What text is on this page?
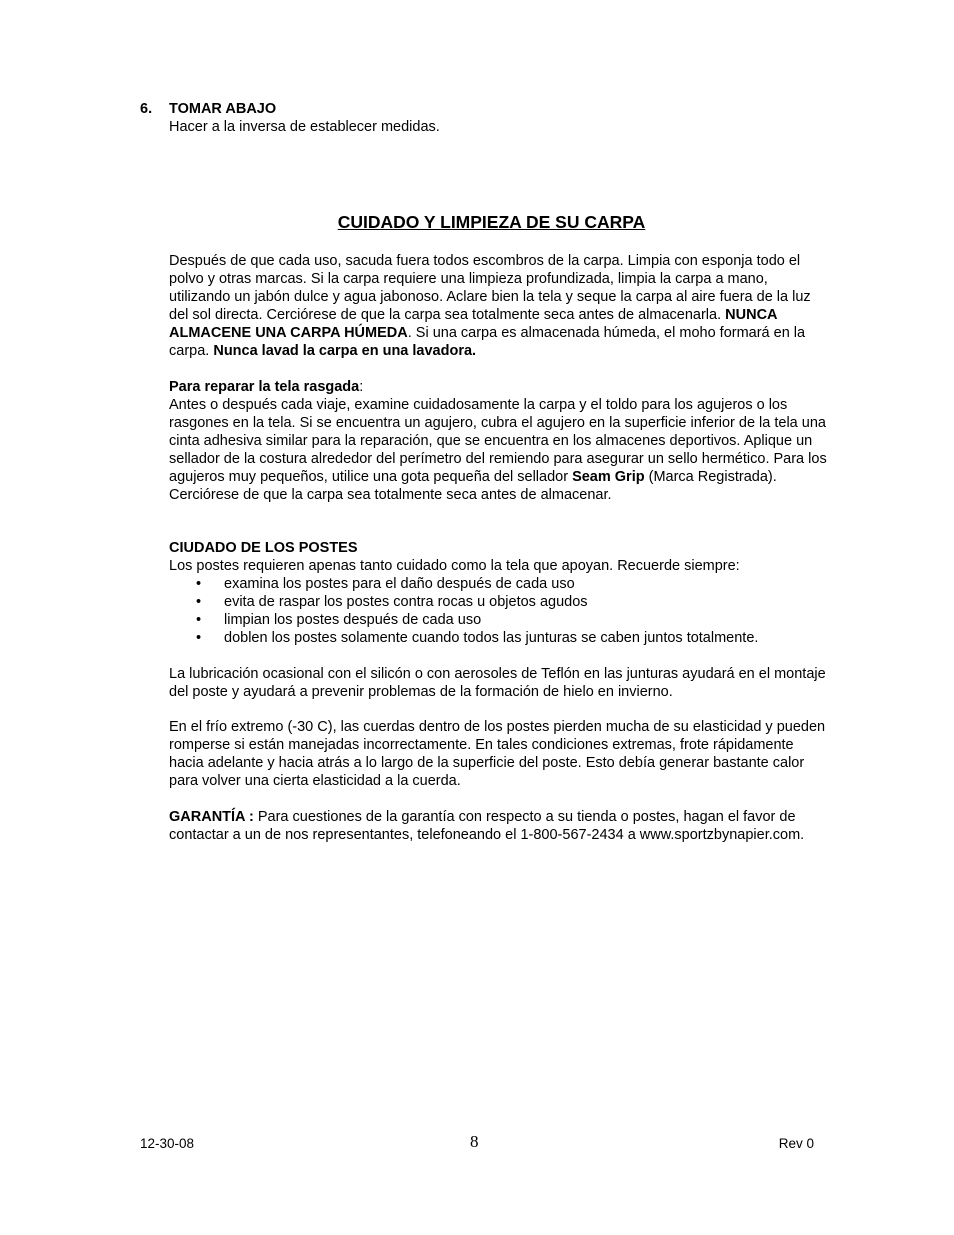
6. TOMAR ABAJO
Hacer a la inversa de establecer medidas.
CUIDADO Y LIMPIEZA DE SU CARPA
Después de que cada uso, sacuda fuera todos escombros de la carpa. Limpia con esponja todo el polvo y otras marcas. Si la carpa requiere una limpieza profundizada, limpia la carpa a mano, utilizando un jabón dulce y agua jabonoso. Aclare bien la tela y seque la carpa al aire fuera de la luz del sol directa. Cerciórese de que la carpa sea totalmente seca antes de almacenarla. NUNCA ALMACENE UNA CARPA HÚMEDA. Si una carpa es almacenada húmeda, el moho formará en la carpa. Nunca lavad la carpa en una lavadora.
Para reparar la tela rasgada:
Antes o después cada viaje, examine cuidadosamente la carpa y el toldo para los agujeros o los rasgones en la tela. Si se encuentra un agujero, cubra el agujero en la superficie inferior de la tela una cinta adhesiva similar para la reparación, que se encuentra en los almacenes deportivos. Aplique un sellador de la costura alrededor del perímetro del remiendo para asegurar un sello hermético. Para los agujeros muy pequeños, utilice una gota pequeña del sellador Seam Grip (Marca Registrada). Cerciórese de que la carpa sea totalmente seca antes de almacenar.
CIUDADO DE LOS POSTES
Los postes requieren apenas tanto cuidado como la tela que apoyan. Recuerde siempre:
• examina los postes para el daño después de cada uso
• evita de raspar los postes contra rocas u objetos agudos
• limpian los postes después de cada uso
• doblen los postes solamente cuando todos las junturas se caben juntos totalmente.
La lubricación ocasional con el silicón o con aerosoles de Teflón en las junturas ayudará en el montaje del poste y ayudará a prevenir problemas de la formación de hielo en invierno.
En el frío extremo (-30 C), las cuerdas dentro de los postes pierden mucha de su elasticidad y pueden romperse si están manejadas incorrectamente. En tales condiciones extremas, frote rápidamente hacia adelante y hacia atrás a lo largo de la superficie del poste. Esto debía generar bastante calor para volver una cierta elasticidad a la cuerda.
GARANTÍA : Para cuestiones de la garantía con respecto a su tienda o postes, hagan el favor de contactar a un de nos representantes, telefoneando el 1-800-567-2434 a www.sportzbynapier.com.
12-30-08	8	Rev 0
